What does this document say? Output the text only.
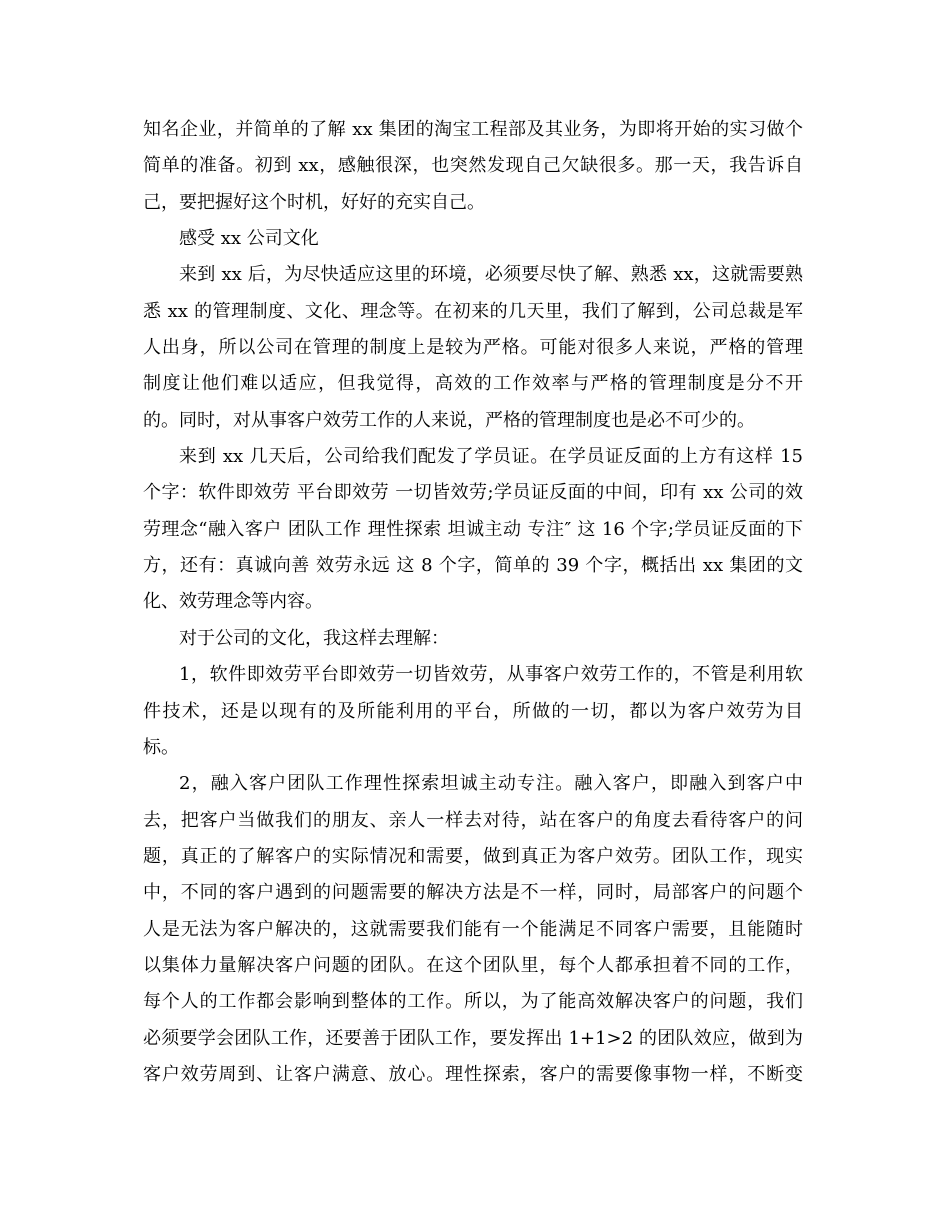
知名企业，并简单的了解 xx 集团的淘宝工程部及其业务，为即将开始的实习做个
简单的准备。初到 xx，感触很深，也突然发现自己欠缺很多。那一天，我告诉自
己，要把握好这个时机，好好的充实自己。
感受 xx 公司文化
来到 xx 后，为尽快适应这里的环境，必须要尽快了解、熟悉 xx，这就需要熟
悉 xx 的管理制度、文化、理念等。在初来的几天里，我们了解到，公司总裁是军
人出身，所以公司在管理的制度上是较为严格。可能对很多人来说，严格的管理
制度让他们难以适应，但我觉得，高效的工作效率与严格的管理制度是分不开
的。同时，对从事客户效劳工作的人来说，严格的管理制度也是必不可少的。
来到 xx 几天后，公司给我们配发了学员证。在学员证反面的上方有这样 15
个字：软件即效劳 平台即效劳 一切皆效劳;学员证反面的中间，印有 xx 公司的效
劳理念“融入客户 团队工作 理性探索 坦诚主动 专注″ 这 16 个字;学员证反面的下
方，还有：真诚向善 效劳永远 这 8 个字，简单的 39 个字，概括出 xx 集团的文
化、效劳理念等内容。
对于公司的文化，我这样去理解：
1，软件即效劳平台即效劳一切皆效劳，从事客户效劳工作的，不管是利用软
件技术，还是以现有的及所能利用的平台，所做的一切，都以为客户效劳为目
标。
2，融入客户团队工作理性探索坦诚主动专注。融入客户，即融入到客户中
去，把客户当做我们的朋友、亲人一样去对待，站在客户的角度去看待客户的问
题，真正的了解客户的实际情况和需要，做到真正为客户效劳。团队工作，现实
中，不同的客户遇到的问题需要的解决方法是不一样，同时，局部客户的问题个
人是无法为客户解决的，这就需要我们能有一个能满足不同客户需要，且能随时
以集体力量解决客户问题的团队。在这个团队里，每个人都承担着不同的工作，
每个人的工作都会影响到整体的工作。所以，为了能高效解决客户的问题，我们
必须要学会团队工作，还要善于团队工作，要发挥出 1+1>2 的团队效应，做到为
客户效劳周到、让客户满意、放心。理性探索，客户的需要像事物一样，不断变
